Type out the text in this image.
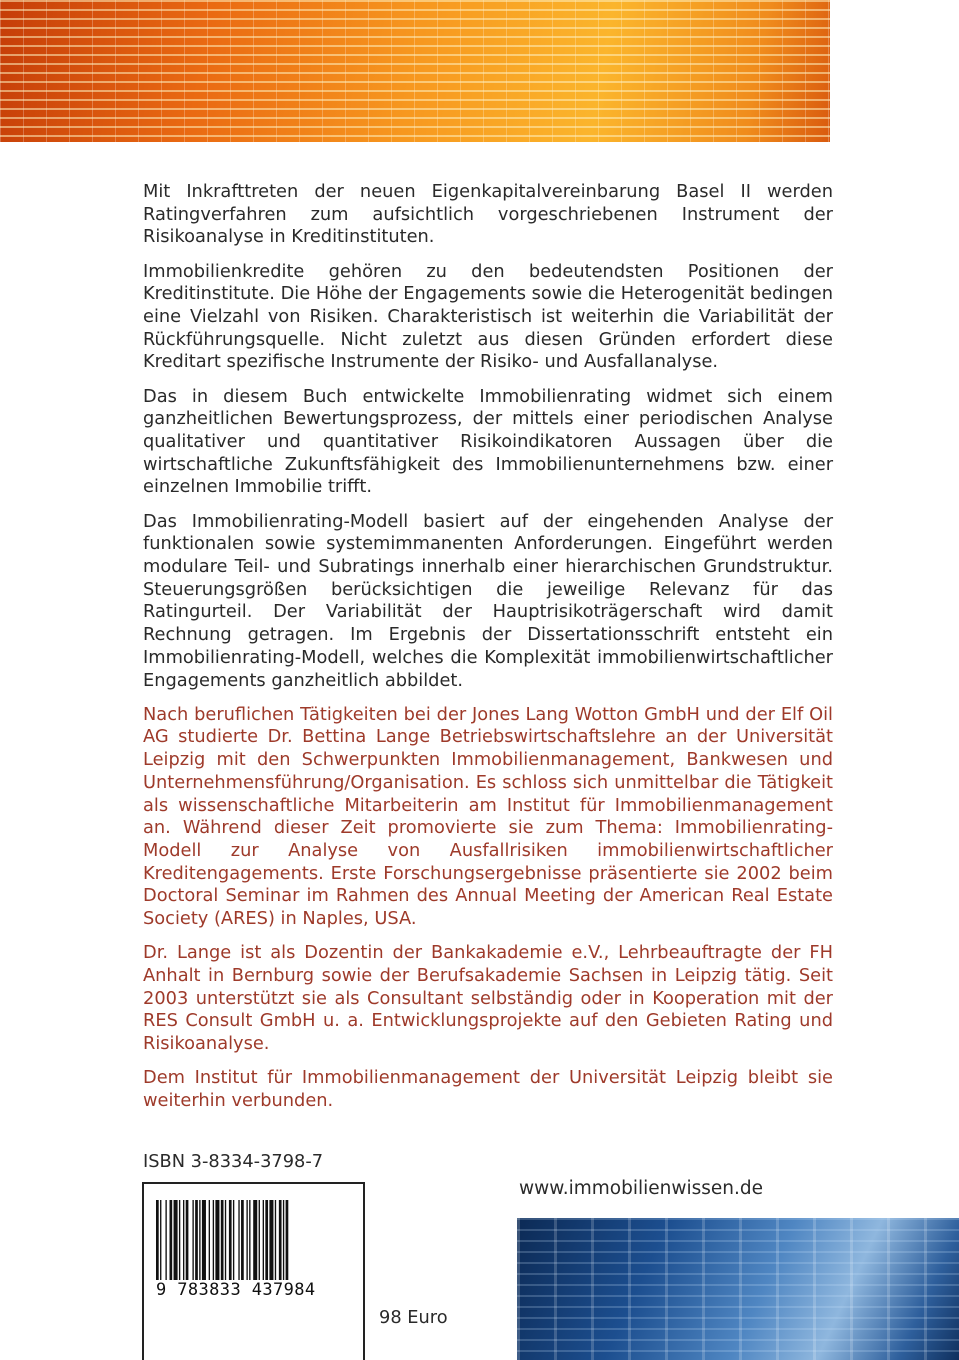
Mit Inkrafttreten der neuen Eigenkapitalvereinbarung Basel II werden Ratingverfahren zum aufsichtlich vorgeschriebenen Instrument der Risikoanalyse in Kreditinstituten.

Immobilienkredite gehören zu den bedeutendsten Positionen der Kreditinstitute. Die Höhe der Engagements sowie die Heterogenität bedingen eine Vielzahl von Risiken. Charakteristisch ist weiterhin die Variabilität der Rückführungsquelle. Nicht zuletzt aus diesen Gründen erfordert diese Kreditart spezifische Instrumente der Risiko- und Ausfallanalyse.

Das in diesem Buch entwickelte Immobilienrating widmet sich einem ganzheitlichen Bewertungsprozess, der mittels einer periodischen Analyse qualitativer und quantitativer Risikoindikatoren Aussagen über die wirtschaftliche Zukunftsfähigkeit des Immobilienunternehmens bzw. einer einzelnen Immobilie trifft.

Das Immobilienrating-Modell basiert auf der eingehenden Analyse der funktionalen sowie systemimmanenten Anforderungen. Eingeführt werden modulare Teil- und Subratings innerhalb einer hierarchischen Grundstruktur. Steuerungsgrößen berücksichtigen die jeweilige Relevanz für das Ratingurteil. Der Variabilität der Hauptrisikoträgerschaft wird damit Rechnung getragen. Im Ergebnis der Dissertationsschrift entsteht ein Immobilienrating-Modell, welches die Komplexität immobilienwirtschaftlicher Engagements ganzheitlich abbildet.

Nach beruflichen Tätigkeiten bei der Jones Lang Wotton GmbH und der Elf Oil AG studierte Dr. Bettina Lange Betriebswirtschaftslehre an der Universität Leipzig mit den Schwerpunkten Immobilienmanagement, Bankwesen und Unternehmensführung/Organisation. Es schloss sich unmittelbar die Tätigkeit als wissenschaftliche Mitarbeiterin am Institut für Immobilienmanagement an. Während dieser Zeit promovierte sie zum Thema: Immobilienrating-Modell zur Analyse von Ausfallrisiken immobilienwirtschaftlicher Kreditengagements. Erste Forschungsergebnisse präsentierte sie 2002 beim Doctoral Seminar im Rahmen des Annual Meeting der American Real Estate Society (ARES) in Naples, USA.

Dr. Lange ist als Dozentin der Bankakademie e.V., Lehrbeauftragte der FH Anhalt in Bernburg sowie der Berufsakademie Sachsen in Leipzig tätig. Seit 2003 unterstützt sie als Consultant selbständig oder in Kooperation mit der RES Consult GmbH u. a. Entwicklungsprojekte auf den Gebieten Rating und Risikoanalyse.

Dem Institut für Immobilienmanagement der Universität Leipzig bleibt sie weiterhin verbunden.

ISBN 3-8334-3798-7
9 783833 437984
98 Euro
www.immobilienwissen.de
